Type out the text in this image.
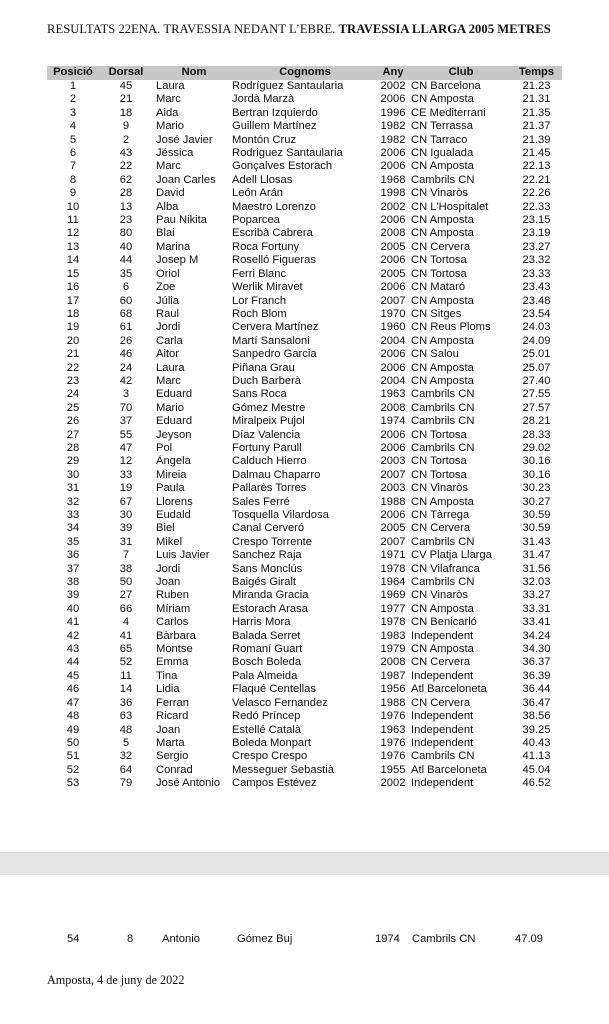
RESULTATS 22ENA. TRAVESSIA NEDANT L’EBRE. TRAVESSIA LLARGA 2005 METRES
Posició	Dorsal	Nom	Cognoms	Any	Club	Temps
1	45	Laura	Rodríguez Santaularia	2002	CN Barcelona	21.23
2	21	Marc	Jordà Marzà	2006	CN Amposta	21.31
3	18	Aida	Bertran Izquierdo	1996	CE Mediterrani	21.35
4	9	Mario	Guillem Martínez	1982	CN Terrassa	21.37
5	2	José Javier	Montón Cruz	1982	CN Tarraco	21.39
6	43	Jéssica	Rodriguez Santaularia	2006	CN Igualada	21.45
7	22	Marc	Gonçalves Estorach	2006	CN Amposta	22.13
8	62	Joan Carles	Adell Llosas	1968	Cambrils CN	22.21
9	28	David	León Arán	1998	CN Vinaròs	22.26
10	13	Alba	Maestro Lorenzo	2002	CN L'Hospitalet	22.33
11	23	Pau Nikita	Poparcea	2006	CN Amposta	23.15
12	80	Blai	Escribà Cabrera	2008	CN Amposta	23.19
13	40	Marina	Roca Fortuny	2005	CN Cervera	23.27
14	44	Josep M	Roselló Figueras	2006	CN Tortosa	23.32
15	35	Oriol	Ferri Blanc	2005	CN Tortosa	23.33
16	6	Zoe	Werlik Miravet	2006	CN Mataró	23.43
17	60	Júlia	Lor Franch	2007	CN Amposta	23.48
18	68	Raul	Roch Blom	1970	CN Sitges	23.54
19	61	Jordi	Cervera Martínez	1960	CN Reus Ploms	24.03
20	26	Carla	Martí Sansaloni	2004	CN Amposta	24.09
21	46	Aitor	Sanpedro Garcia	2006	CN Salou	25.01
22	24	Laura	Piñana Grau	2006	CN Amposta	25.07
23	42	Marc	Duch Barberà	2004	CN Amposta	27.40
24	3	Eduard	Sans Roca	1963	Cambrils CN	27.55
25	70	Mario	Gómez Mestre	2008	Cambrils CN	27.57
26	37	Eduard	Miralpeix Pujol	1974	Cambrils CN	28.21
27	55	Jeyson	Díaz Valencia	2006	CN Tortosa	28.33
28	47	Pol	Fortuny Parull	2006	Cambrils CN	29.02
29	12	Àngela	Calduch Hierro	2003	CN Tortosa	30.16
30	33	Mireia	Dalmau Chaparro	2007	CN Tortosa	30.16
31	19	Paula	Pallarès Torres	2003	CN Vinaròs	30.23
32	67	Llorens	Sales Ferré	1988	CN Amposta	30.27
33	30	Eudald	Tosquella Vilardosa	2006	CN Tàrrega	30.59
34	39	Biel	Canal Cerveró	2005	CN Cervera	30.59
35	31	Mikel	Crespo Torrente	2007	Cambrils CN	31.43
36	7	Luis Javier	Sanchez Raja	1971	CV Platja Llarga	31.47
37	38	Jordi	Sans Monclús	1978	CN Vilafranca	31.56
38	50	Joan	Baigés Giralt	1964	Cambrils CN	32.03
39	27	Ruben	Miranda Gracia	1969	CN Vinaròs	33.27
40	66	Míriam	Estorach Arasa	1977	CN Amposta	33.31
41	4	Carlos	Harris Mora	1978	CN Benicarló	33.41
42	41	Bàrbara	Balada Serret	1983	Independent	34.24
43	65	Montse	Romaní Guart	1979	CN Amposta	34.30
44	52	Emma	Bosch Boleda	2008	CN Cervera	36.37
45	11	Tina	Pala Almeida	1987	Independent	36.39
46	14	Lidia	Flaqué Centellas	1956	Atl Barceloneta	36.44
47	36	Ferran	Velasco Fernandez	1988	CN Cervera	36.47
48	63	Ricard	Redó Príncep	1976	Independent	38.56
49	48	Joan	Estellé Català	1963	Independent	39.25
50	5	Marta	Boleda Monpart	1976	Independent	40.43
51	32	Sergio	Crespo Crespo	1976	Cambrils CN	41.13
52	64	Conrad	Messeguer Sebastià	1955	Atl Barceloneta	45.04
53	79	José Antonio	Campos Estévez	2002	Independent	46.52
54	8	Antonio	Gómez Buj	1974 Cambrils CN	47.09
Amposta, 4 de juny de 2022
